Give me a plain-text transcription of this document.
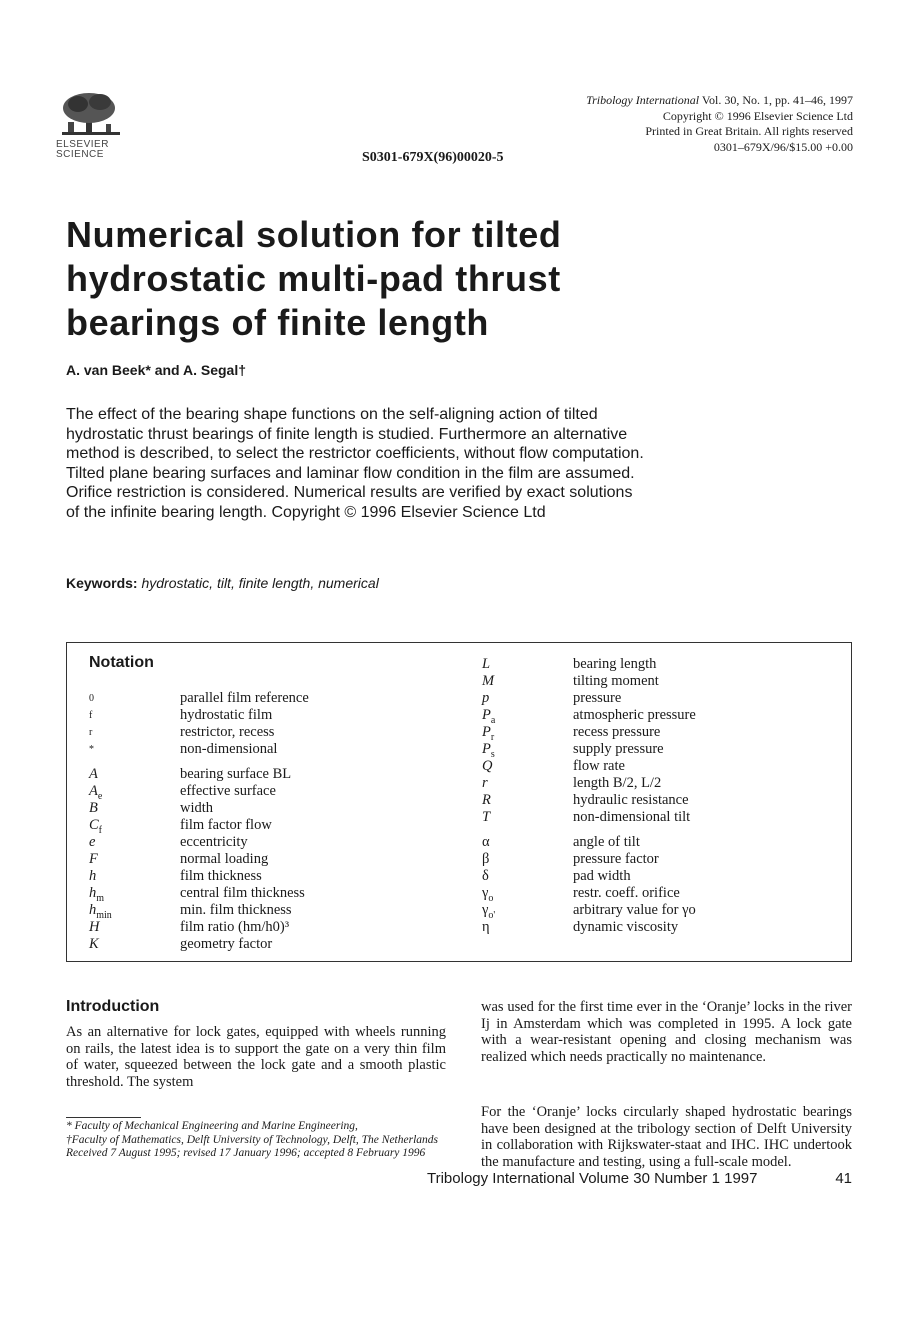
ELSEVIER
SCIENCE	S0301-679X(96)00020-5
Tribology International Vol. 30, No. 1, pp. 41–46, 1997
Copyright © 1996 Elsevier Science Ltd
Printed in Great Britain. All rights reserved
0301–679X/96/$15.00 +0.00
Numerical solution for tilted
hydrostatic multi-pad thrust
bearings of finite length
A. van Beek* and A. Segal†

The effect of the bearing shape functions on the self-aligning action of tilted hydrostatic thrust bearings of finite length is studied. Furthermore an alternative method is described, to select the restrictor coefficients, without flow computation. Tilted plane bearing surfaces and laminar flow condition in the film are assumed. Orifice restriction is considered. Numerical results are verified by exact solutions of the infinite bearing length. Copyright © 1996 Elsevier Science Ltd

Keywords: hydrostatic, tilt, finite length, numerical
Notation
0
f
r
*
A
$A_e$
B
$C_f$
e
F
h
$h_m$
$h_{min}$
H
K
parallel film reference
hydrostatic film
restrictor, recess
non-dimensional
bearing surface BL
effective surface
width
film factor flow
eccentricity
normal loading
film thickness
central film thickness
min. film thickness
film ratio (hm/h0)³
geometry factor
L
M
p
$P_a$
$P_r$
$P_s$
Q
r
R
T
α
β
δ
$\gamma_o$
$\gamma_{o'}$
η
bearing length
tilting moment
pressure
atmospheric pressure
recess pressure
supply pressure
flow rate
length B/2, L/2
hydraulic resistance
non-dimensional tilt
angle of tilt
pressure factor
pad width
restr. coeff. orifice
arbitrary value for γo
dynamic viscosity
Introduction

As an alternative for lock gates, equipped with wheels running on rails, the latest idea is to support the gate on a very thin film of water, squeezed between the lock gate and a smooth plastic threshold. The system

was used for the first time ever in the ‘Oranje’ locks in the river Ij in Amsterdam which was completed in 1995. A lock gate with a wear-resistant opening and closing mechanism was realized which needs practically no maintenance.

For the ‘Oranje’ locks circularly shaped hydrostatic bearings have been designed at the tribology section of Delft University in collaboration with Rijkswater-staat and IHC. IHC undertook the manufacture and testing, using a full-scale model.

* Faculty of Mechanical Engineering and Marine Engineering,
†Faculty of Mathematics, Delft University of Technology, Delft, The Netherlands
Received 7 August 1995; revised 17 January 1996; accepted 8 February 1996
Tribology International Volume 30 Number 1 1997	41
